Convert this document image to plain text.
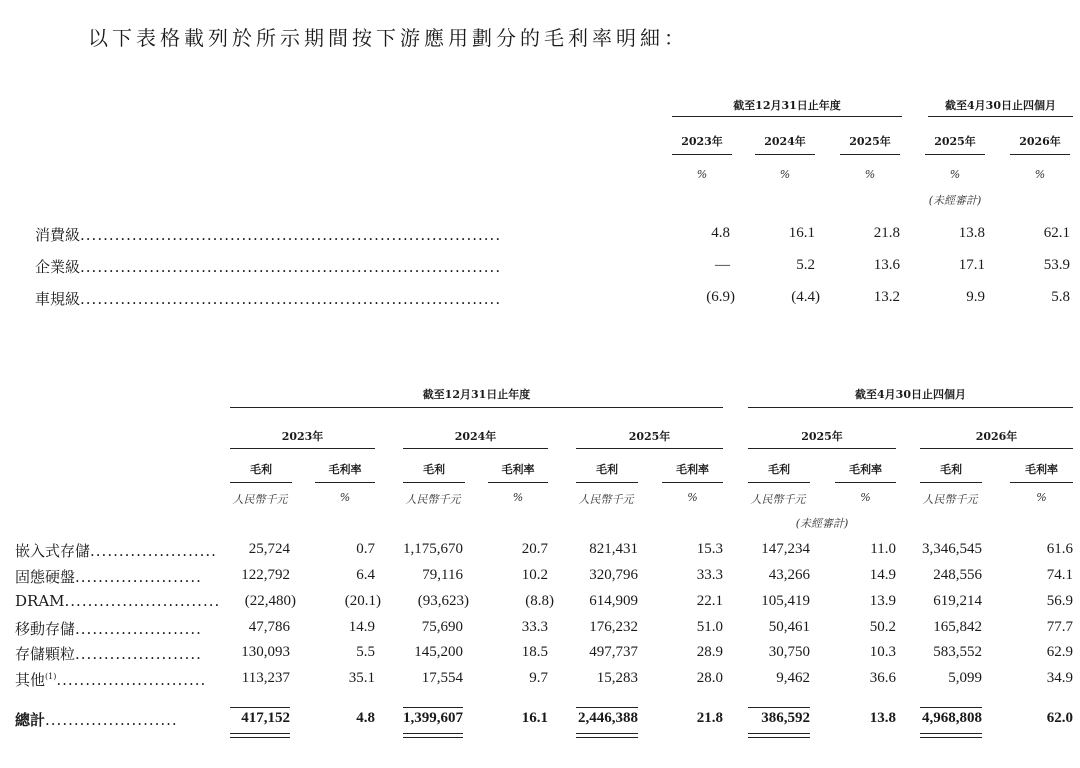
以下表格載列於所示期間按下游應用劃分的毛利率明細：
截至12月31日止年度	截至4月30日止四個月
2023年	2024年	2025年	2025年	2026年
%	%	%	%	%
(未經審計)
消費級.........................................................................	4.8	16.1	21.8	13.8	62.1
企業級.........................................................................	—	5.2	13.6	17.1	53.9
車規級.........................................................................	(6.9)	(4.4)	13.2	9.9	5.8
截至12月31日止年度	截至4月30日止四個月
2023年	2024年	2025年	2025年	2026年
毛利	毛利率	毛利	毛利率	毛利	毛利率	毛利	毛利率	毛利	毛利率
人民幣千元	%	人民幣千元	%	人民幣千元	%	人民幣千元	%	人民幣千元	%
(未經審計)
嵌入式存儲......................	25,724	0.7	1,175,670	20.7	821,431	15.3	147,234	11.0	3,346,545	61.6
固態硬盤......................	122,792	6.4	79,116	10.2	320,796	33.3	43,266	14.9	248,556	74.1
DRAM...........................	(22,480)	(20.1)	(93,623)	(8.8)	614,909	22.1	105,419	13.9	619,214	56.9
移動存儲......................	47,786	14.9	75,690	33.3	176,232	51.0	50,461	50.2	165,842	77.7
存儲顆粒......................	130,093	5.5	145,200	18.5	497,737	28.9	30,750	10.3	583,552	62.9
其他$^{(1)}$..........................	113,237	35.1	17,554	9.7	15,283	28.0	9,462	36.6	5,099	34.9
總計.......................	417,152	4.8	1,399,607	16.1	2,446,388	21.8	386,592	13.8	4,968,808	62.0
